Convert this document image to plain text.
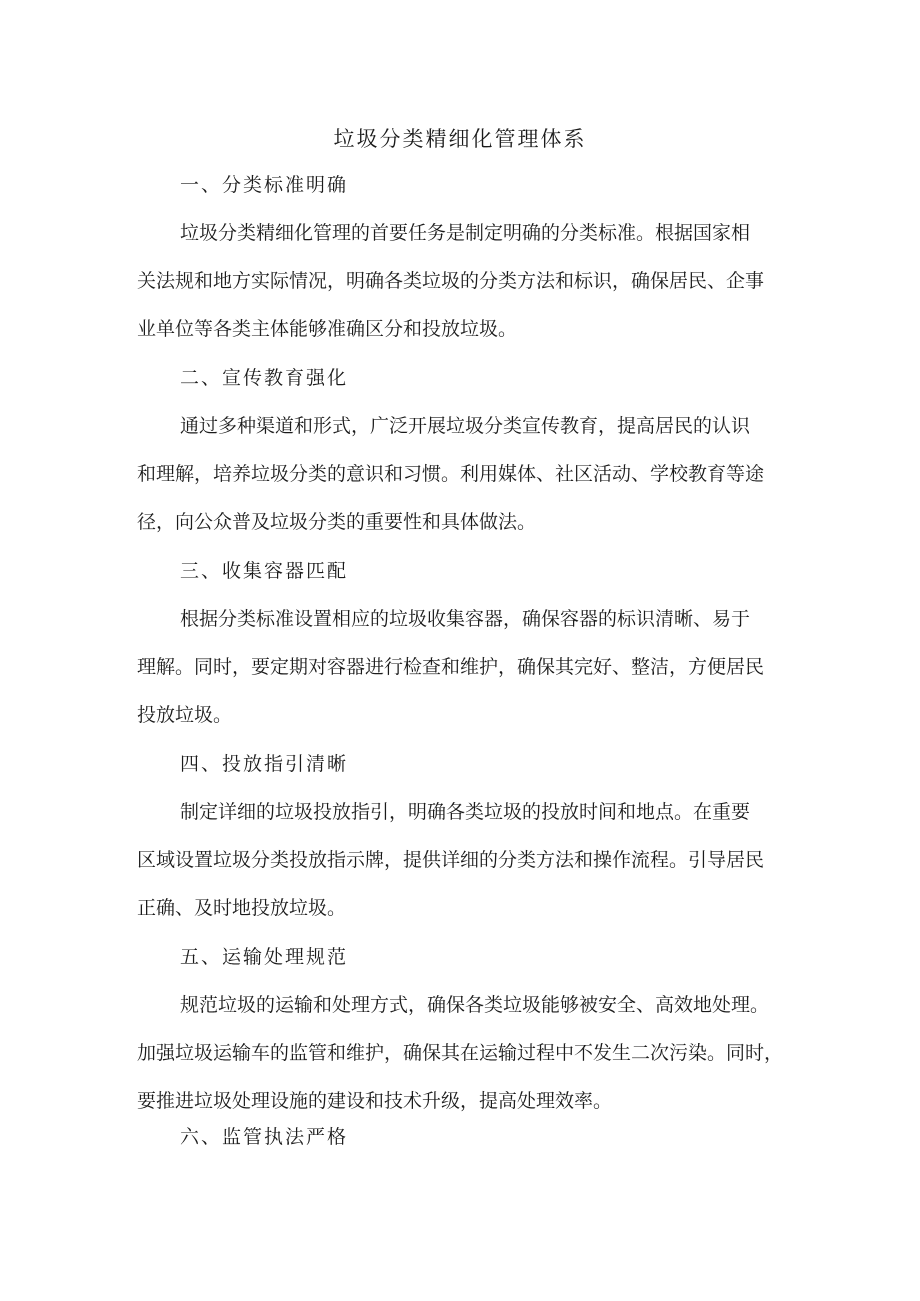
垃圾分类精细化管理体系
一、分类标准明确

垃圾分类精细化管理的首要任务是制定明确的分类标准。根据国家相

关法规和地方实际情况，明确各类垃圾的分类方法和标识，确保居民、企事

业单位等各类主体能够准确区分和投放垃圾。

二、宣传教育强化

通过多种渠道和形式，广泛开展垃圾分类宣传教育，提高居民的认识

和理解，培养垃圾分类的意识和习惯。利用媒体、社区活动、学校教育等途

径，向公众普及垃圾分类的重要性和具体做法。

三、收集容器匹配

根据分类标准设置相应的垃圾收集容器，确保容器的标识清晰、易于

理解。同时，要定期对容器进行检查和维护，确保其完好、整洁，方便居民

投放垃圾。

四、投放指引清晰

制定详细的垃圾投放指引，明确各类垃圾的投放时间和地点。在重要

区域设置垃圾分类投放指示牌，提供详细的分类方法和操作流程。引导居民

正确、及时地投放垃圾。

五、运输处理规范

规范垃圾的运输和处理方式，确保各类垃圾能够被安全、高效地处理。

加强垃圾运输车的监管和维护，确保其在运输过程中不发生二次污染。同时，

要推进垃圾处理设施的建设和技术升级，提高处理效率。

六、监管执法严格
